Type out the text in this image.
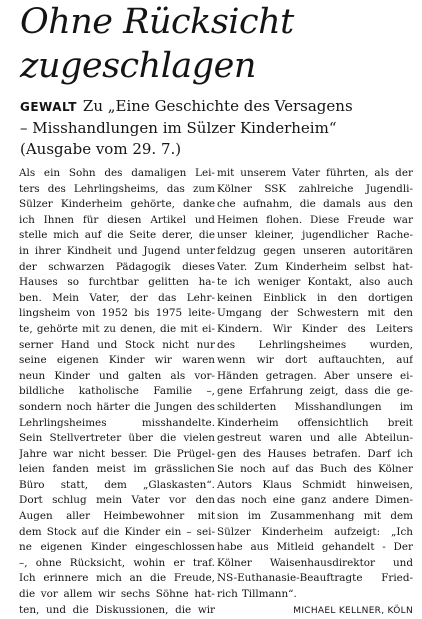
Ohne Rücksicht
zugeschlagen
GEWALT Zu „Eine Geschichte des Versagens
– Misshandlungen im Sülzer Kinderheim“
(Ausgabe vom 29. 7.)
Als ein Sohn des damaligen Lei-
ters des Lehrlingsheims, das zum
Sülzer Kinderheim gehörte, danke
ich Ihnen für diesen Artikel und
stelle mich auf die Seite derer, die
in ihrer Kindheit und Jugend unter
der schwarzen Pädagogik dieses
Hauses so furchtbar gelitten ha-
ben. Mein Vater, der das Lehr-
lingsheim von 1952 bis 1975 leite-
te, gehörte mit zu denen, die mit ei-
serner Hand und Stock nicht nur
seine eigenen Kinder wir waren
neun Kinder und galten als vor-
bildliche katholische Familie –,
sondern noch härter die Jungen des
Lehrlingsheimes	misshandelte.
Sein Stellvertreter über die vielen
Jahre war nicht besser. Die Prügel-
leien fanden meist im grässlichen
Büro statt, dem „Glaskasten“.
Dort schlug mein Vater vor den
Augen aller Heimbewohner mit
dem Stock auf die Kinder ein – sei-
ne eigenen Kinder eingeschlossen
–, ohne Rücksicht, wohin er traf.
Ich erinnere mich an die Freude,
die vor allem wir sechs Söhne hat-
ten, und die Diskussionen, die wir
mit unserem Vater führten, als der
Kölner SSK zahlreiche Jugendli-
che aufnahm, die damals aus den
Heimen flohen. Diese Freude war
unser kleiner, jugendlicher Rache-
feldzug gegen unseren autoritären
Vater. Zum Kinderheim selbst hat-
te ich weniger Kontakt, also auch
keinen Einblick in den dortigen
Umgang der Schwestern mit den
Kindern. Wir Kinder des Leiters
des Lehrlingsheimes wurden,
wenn wir dort auftauchten, auf
Händen getragen. Aber unsere ei-
gene Erfahrung zeigt, dass die ge-
schilderten Misshandlungen im
Kinderheim offensichtlich breit
gestreut waren und alle Abteilun-
gen des Hauses betrafen. Darf ich
Sie noch auf das Buch des Kölner
Autors Klaus Schmidt hinweisen,
das noch eine ganz andere Dimen-
sion im Zusammenhang mit dem
Sülzer Kinderheim aufzeigt: „Ich
habe aus Mitleid gehandelt - Der
Kölner Waisenhausdirektor und
NS-Euthanasie-Beauftragte Fried-
rich Tillmann“.
MICHAEL KELLNER, KÖLN
